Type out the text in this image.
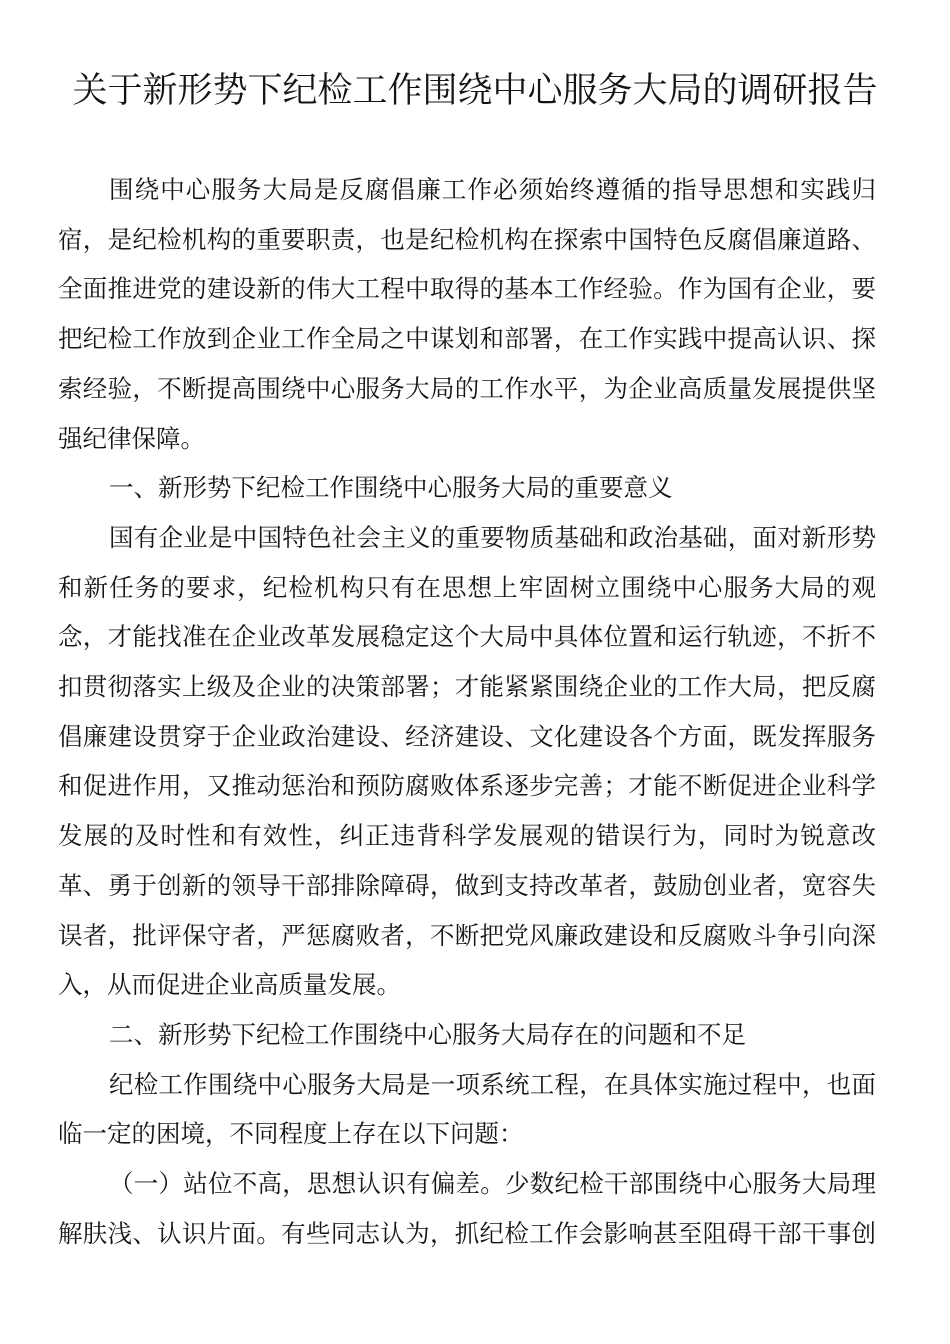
关于新形势下纪检工作围绕中心服务大局的调研报告
围绕中心服务大局是反腐倡廉工作必须始终遵循的指导思想和实践归
宿，是纪检机构的重要职责，也是纪检机构在探索中国特色反腐倡廉道路、
全面推进党的建设新的伟大工程中取得的基本工作经验。作为国有企业，要
把纪检工作放到企业工作全局之中谋划和部署，在工作实践中提高认识、探
索经验，不断提高围绕中心服务大局的工作水平，为企业高质量发展提供坚
强纪律保障。
一、新形势下纪检工作围绕中心服务大局的重要意义
国有企业是中国特色社会主义的重要物质基础和政治基础，面对新形势
和新任务的要求，纪检机构只有在思想上牢固树立围绕中心服务大局的观
念，才能找准在企业改革发展稳定这个大局中具体位置和运行轨迹，不折不
扣贯彻落实上级及企业的决策部署；才能紧紧围绕企业的工作大局，把反腐
倡廉建设贯穿于企业政治建设、经济建设、文化建设各个方面，既发挥服务
和促进作用，又推动惩治和预防腐败体系逐步完善；才能不断促进企业科学
发展的及时性和有效性，纠正违背科学发展观的错误行为，同时为锐意改
革、勇于创新的领导干部排除障碍，做到支持改革者，鼓励创业者，宽容失
误者，批评保守者，严惩腐败者，不断把党风廉政建设和反腐败斗争引向深
入，从而促进企业高质量发展。
二、新形势下纪检工作围绕中心服务大局存在的问题和不足
纪检工作围绕中心服务大局是一项系统工程，在具体实施过程中，也面
临一定的困境，不同程度上存在以下问题：
（一）站位不高，思想认识有偏差。少数纪检干部围绕中心服务大局理
解肤浅、认识片面。有些同志认为，抓纪检工作会影响甚至阻碍干部干事创
